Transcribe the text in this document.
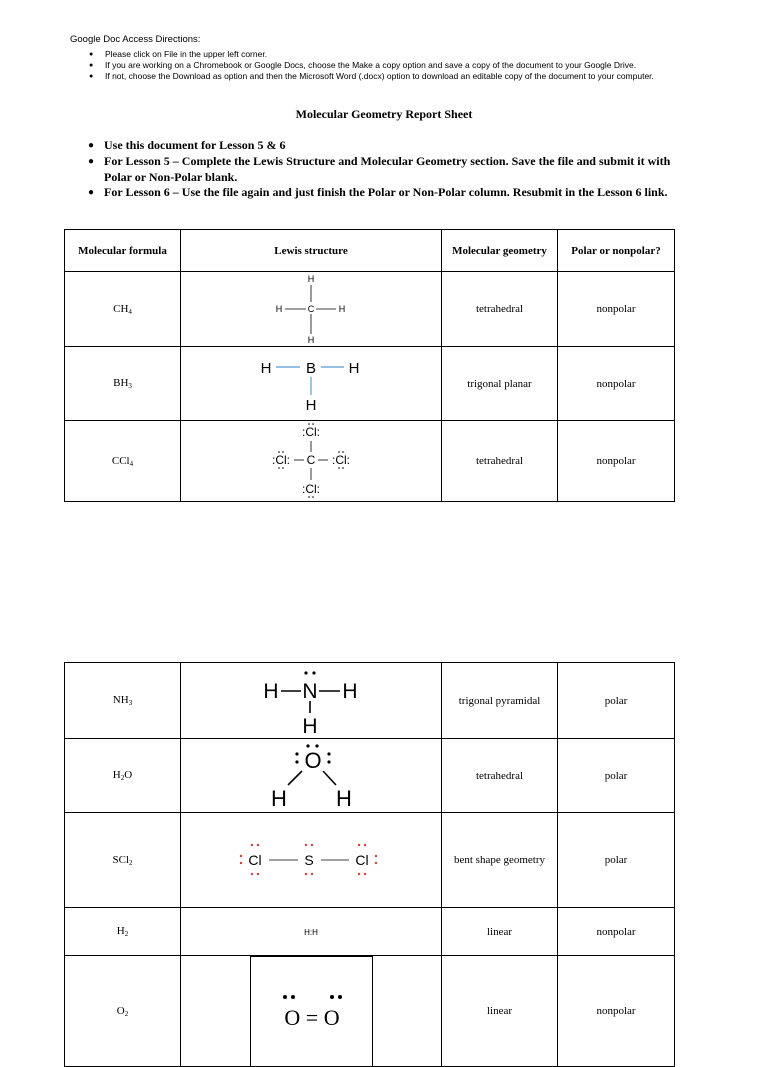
Google Doc Access Directions:
● Please click on File in the upper left corner.
● If you are working on a Chromebook or Google Docs, choose the Make a copy option and save a copy of the document to your Google Drive.
● If not, choose the Download as option and then the Microsoft Word (.docx) option to download an editable copy of the document to your computer.
Molecular Geometry Report Sheet
● Use this document for Lesson 5 & 6
● For Lesson 5 – Complete the Lewis Structure and Molecular Geometry section. Save the file and submit it with Polar or Non-Polar blank.
● For Lesson 6 – Use the file again and just finish the Polar or Non-Polar column. Resubmit in the Lesson 6 link.
Molecular formula	Lewis structure	Molecular geometry	Polar or nonpolar?
$CH_4$	H
H C H
H	tetrahedral	nonpolar
$BH_3$	H B H
H	trigonal planar	nonpolar
CCl$_4$	:Cl:
:Cl: C :Cl:
:Cl:	tetrahedral	nonpolar
$NH_3$	H N H
H	trigonal pyramidal	polar
$H_2O$	O
H H	tetrahedral	polar
SCl$_2$	Cl S Cl	bent shape geometry	polar
$H_2$	H:H	linear	nonpolar
$O_2$	O = O	linear	nonpolar
